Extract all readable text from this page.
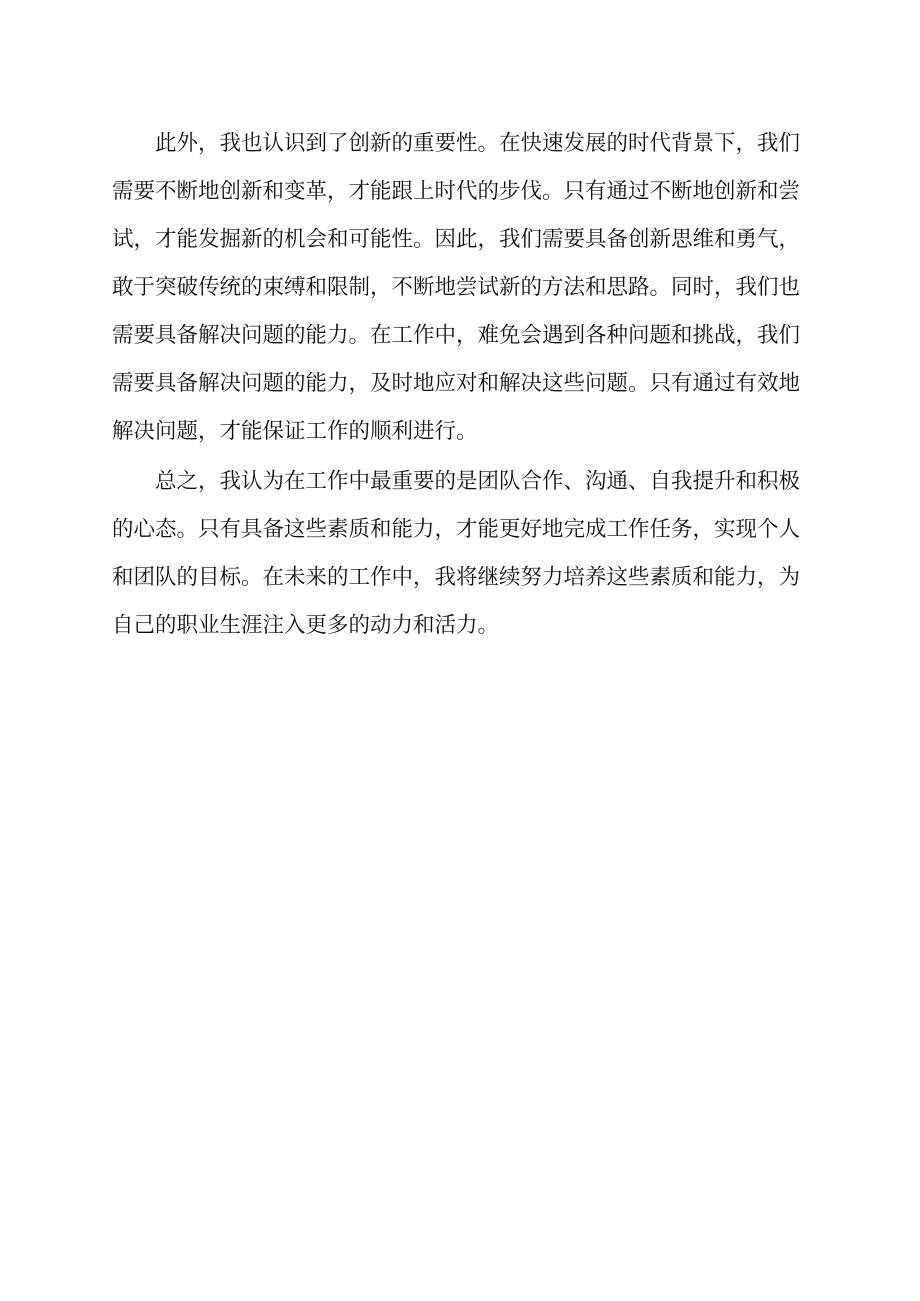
此外，我也认识到了创新的重要性。在快速发展的时代背景下，我们
需要不断地创新和变革，才能跟上时代的步伐。只有通过不断地创新和尝
试，才能发掘新的机会和可能性。因此，我们需要具备创新思维和勇气，
敢于突破传统的束缚和限制，不断地尝试新的方法和思路。同时，我们也
需要具备解决问题的能力。在工作中，难免会遇到各种问题和挑战，我们
需要具备解决问题的能力，及时地应对和解决这些问题。只有通过有效地
解决问题，才能保证工作的顺利进行。
总之，我认为在工作中最重要的是团队合作、沟通、自我提升和积极
的心态。只有具备这些素质和能力，才能更好地完成工作任务，实现个人
和团队的目标。在未来的工作中，我将继续努力培养这些素质和能力，为
自己的职业生涯注入更多的动力和活力。
